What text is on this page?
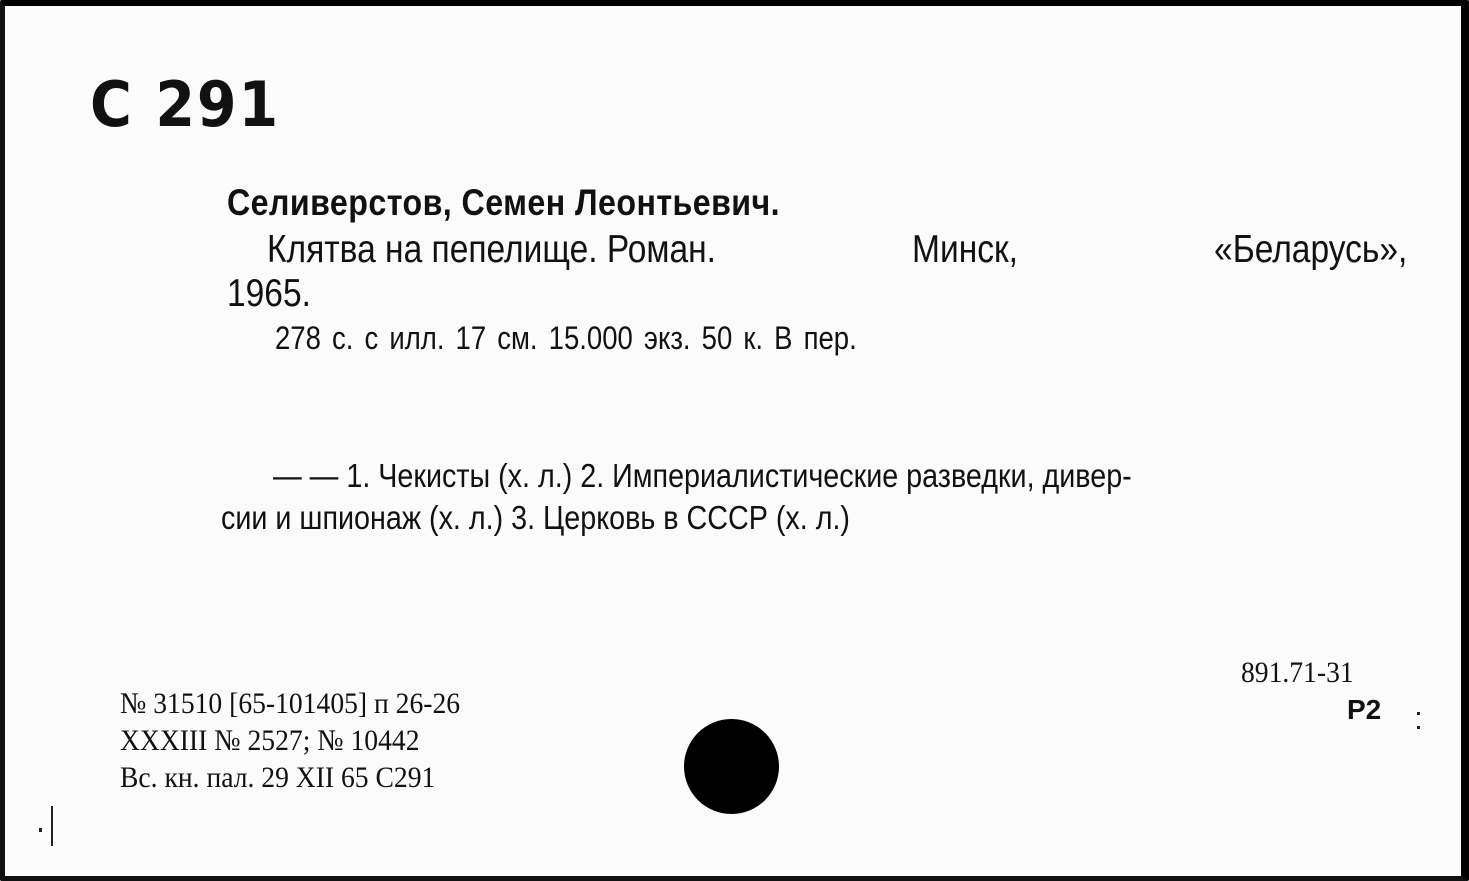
С 291
Селиверстов, Семен Леонтьевич.
Клятва на пепелище. Роман.	Минск,	«Беларусь»,
1965.
278 с. с илл. 17 см. 15.000 экз. 50 к. В пер.
— — 1. Чекисты (х. л.) 2. Империалистические разведки, дивер-
сии и шпионаж (х. л.) 3. Церковь в СССР (х. л.)
№ 31510 [65-101405] п 26-26
XXXIII № 2527; № 10442
Вс. кн. пал. 29 XII 65 С291
891.71-31
Р2
